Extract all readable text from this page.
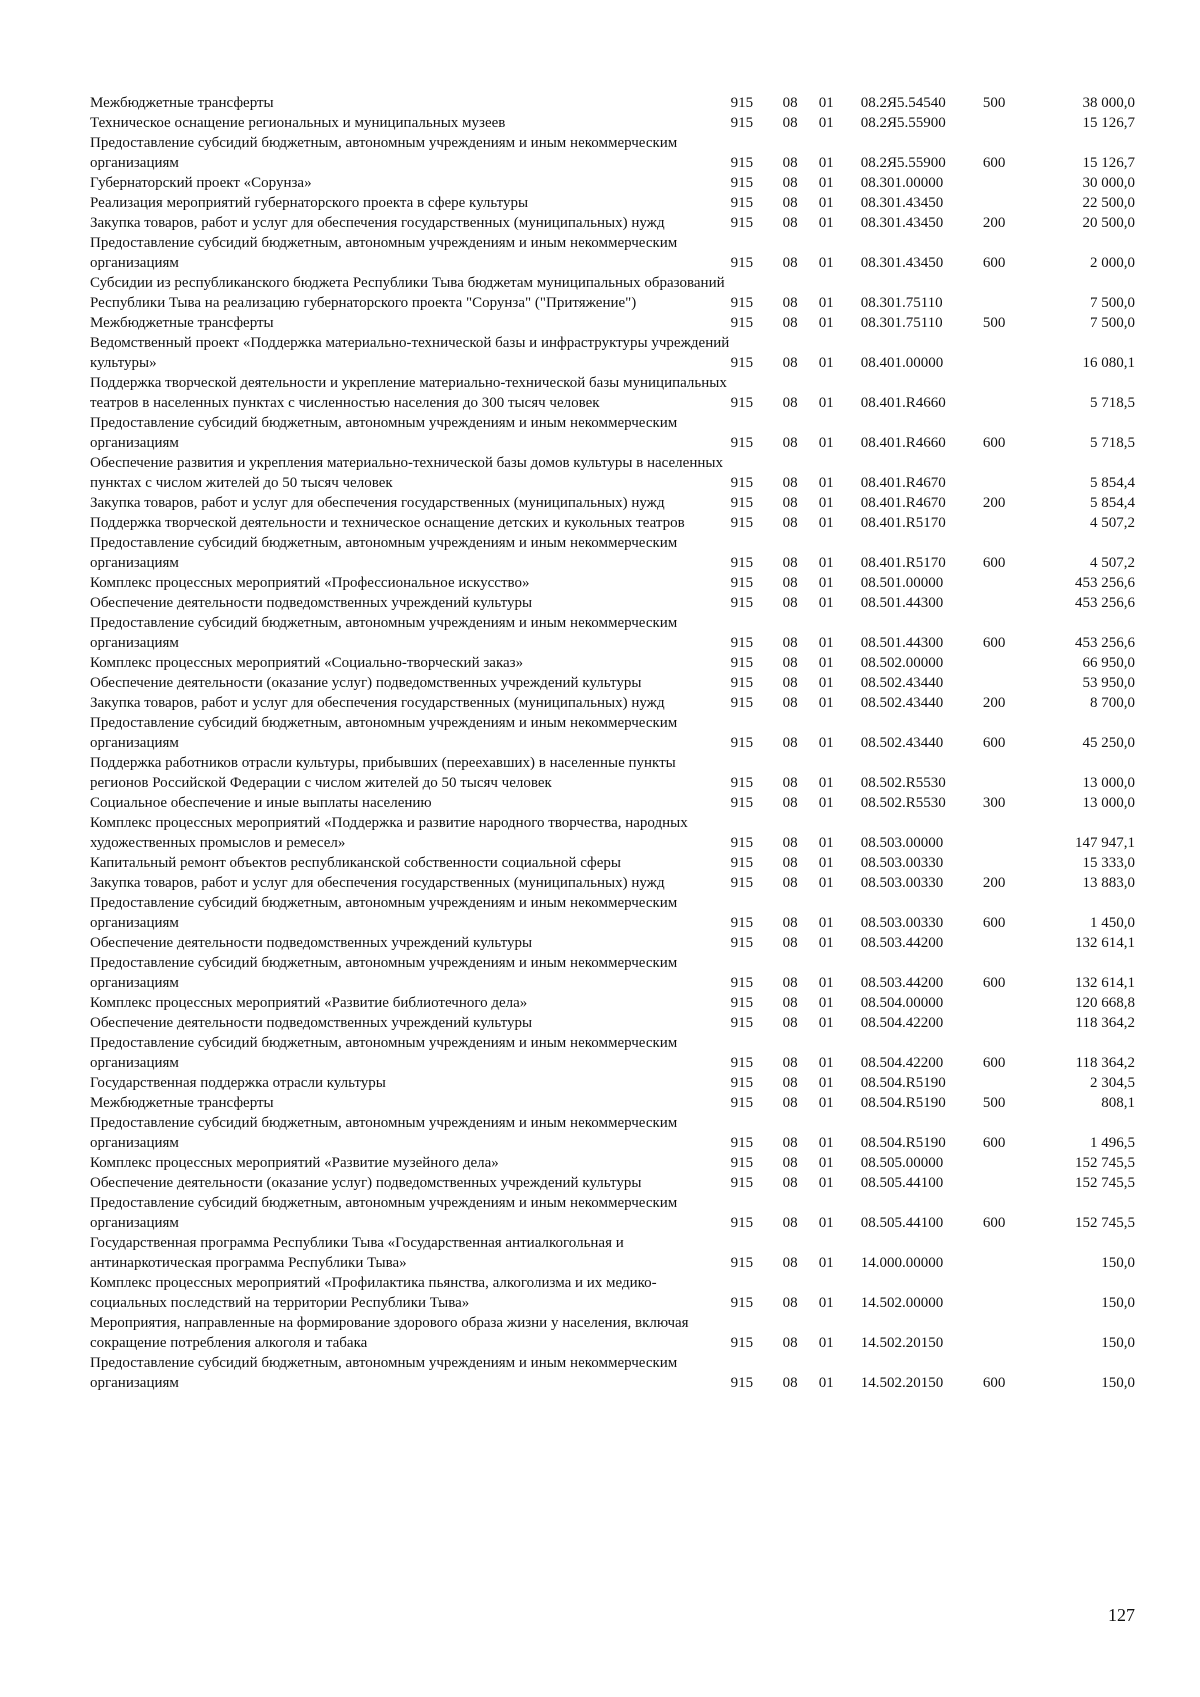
Межбюджетные трансферты	915	08	01	08.2Я5.54540	500	38 000,0
Техническое оснащение региональных и муниципальных музеев	915	08	01	08.2Я5.55900		15 126,7
Предоставление субсидий бюджетным, автономным учреждениям и иным некоммерческим организациям	915	08	01	08.2Я5.55900	600	15 126,7
Губернаторский проект «Сорунза»	915	08	01	08.301.00000		30 000,0
Реализация мероприятий губернаторского проекта в сфере культуры	915	08	01	08.301.43450		22 500,0
Закупка товаров, работ и услуг для обеспечения государственных (муниципальных) нужд	915	08	01	08.301.43450	200	20 500,0
Предоставление субсидий бюджетным, автономным учреждениям и иным некоммерческим организациям	915	08	01	08.301.43450	600	2 000,0
Субсидии из республиканского бюджета Республики Тыва бюджетам муниципальных образований Республики Тыва на реализацию губернаторского проекта "Сорунза" ("Притяжение")	915	08	01	08.301.75110		7 500,0
Межбюджетные трансферты	915	08	01	08.301.75110	500	7 500,0
Ведомственный проект «Поддержка материально-технической базы и инфраструктуры учреждений культуры»	915	08	01	08.401.00000		16 080,1
Поддержка творческой деятельности и укрепление материально-технической базы муниципальных театров в населенных пунктах с численностью населения до 300 тысяч человек	915	08	01	08.401.R4660		5 718,5
Предоставление субсидий бюджетным, автономным учреждениям и иным некоммерческим организациям	915	08	01	08.401.R4660	600	5 718,5
Обеспечение развития и укрепления материально-технической базы домов культуры в населенных пунктах с числом жителей до 50 тысяч человек	915	08	01	08.401.R4670		5 854,4
Закупка товаров, работ и услуг для обеспечения государственных (муниципальных) нужд	915	08	01	08.401.R4670	200	5 854,4
Поддержка творческой деятельности и техническое оснащение детских и кукольных театров	915	08	01	08.401.R5170		4 507,2
Предоставление субсидий бюджетным, автономным учреждениям и иным некоммерческим организациям	915	08	01	08.401.R5170	600	4 507,2
Комплекс процессных мероприятий «Профессиональное искусство»	915	08	01	08.501.00000		453 256,6
Обеспечение деятельности подведомственных учреждений культуры	915	08	01	08.501.44300		453 256,6
Предоставление субсидий бюджетным, автономным учреждениям и иным некоммерческим организациям	915	08	01	08.501.44300	600	453 256,6
Комплекс процессных мероприятий «Социально-творческий заказ»	915	08	01	08.502.00000		66 950,0
Обеспечение деятельности (оказание услуг) подведомственных учреждений культуры	915	08	01	08.502.43440		53 950,0
Закупка товаров, работ и услуг для обеспечения государственных (муниципальных) нужд	915	08	01	08.502.43440	200	8 700,0
Предоставление субсидий бюджетным, автономным учреждениям и иным некоммерческим организациям	915	08	01	08.502.43440	600	45 250,0
Поддержка работников отрасли культуры, прибывших (переехавших) в населенные пункты регионов Российской Федерации с числом жителей до 50 тысяч человек	915	08	01	08.502.R5530		13 000,0
Социальное обеспечение и иные выплаты населению	915	08	01	08.502.R5530	300	13 000,0
Комплекс процессных мероприятий «Поддержка и развитие народного творчества, народных художественных промыслов и ремесел»	915	08	01	08.503.00000		147 947,1
Капитальный ремонт объектов республиканской собственности социальной сферы	915	08	01	08.503.00330		15 333,0
Закупка товаров, работ и услуг для обеспечения государственных (муниципальных) нужд	915	08	01	08.503.00330	200	13 883,0
Предоставление субсидий бюджетным, автономным учреждениям и иным некоммерческим организациям	915	08	01	08.503.00330	600	1 450,0
Обеспечение деятельности подведомственных учреждений культуры	915	08	01	08.503.44200		132 614,1
Предоставление субсидий бюджетным, автономным учреждениям и иным некоммерческим организациям	915	08	01	08.503.44200	600	132 614,1
Комплекс процессных мероприятий «Развитие библиотечного дела»	915	08	01	08.504.00000		120 668,8
Обеспечение деятельности подведомственных учреждений культуры	915	08	01	08.504.42200		118 364,2
Предоставление субсидий бюджетным, автономным учреждениям и иным некоммерческим организациям	915	08	01	08.504.42200	600	118 364,2
Государственная поддержка отрасли культуры	915	08	01	08.504.R5190		2 304,5
Межбюджетные трансферты	915	08	01	08.504.R5190	500	808,1
Предоставление субсидий бюджетным, автономным учреждениям и иным некоммерческим организациям	915	08	01	08.504.R5190	600	1 496,5
Комплекс процессных мероприятий «Развитие музейного дела»	915	08	01	08.505.00000		152 745,5
Обеспечение деятельности (оказание услуг) подведомственных учреждений культуры	915	08	01	08.505.44100		152 745,5
Предоставление субсидий бюджетным, автономным учреждениям и иным некоммерческим организациям	915	08	01	08.505.44100	600	152 745,5
Государственная программа Республики Тыва «Государственная антиалкогольная и антинаркотическая программа Республики Тыва»	915	08	01	14.000.00000		150,0
Комплекс процессных мероприятий «Профилактика пьянства, алкоголизма и их медико-социальных последствий на территории Республики Тыва»	915	08	01	14.502.00000		150,0
Мероприятия, направленные на формирование здорового образа жизни у населения, включая сокращение потребления алкоголя и табака	915	08	01	14.502.20150		150,0
Предоставление субсидий бюджетным, автономным учреждениям и иным некоммерческим организациям	915	08	01	14.502.20150	600	150,0
127
